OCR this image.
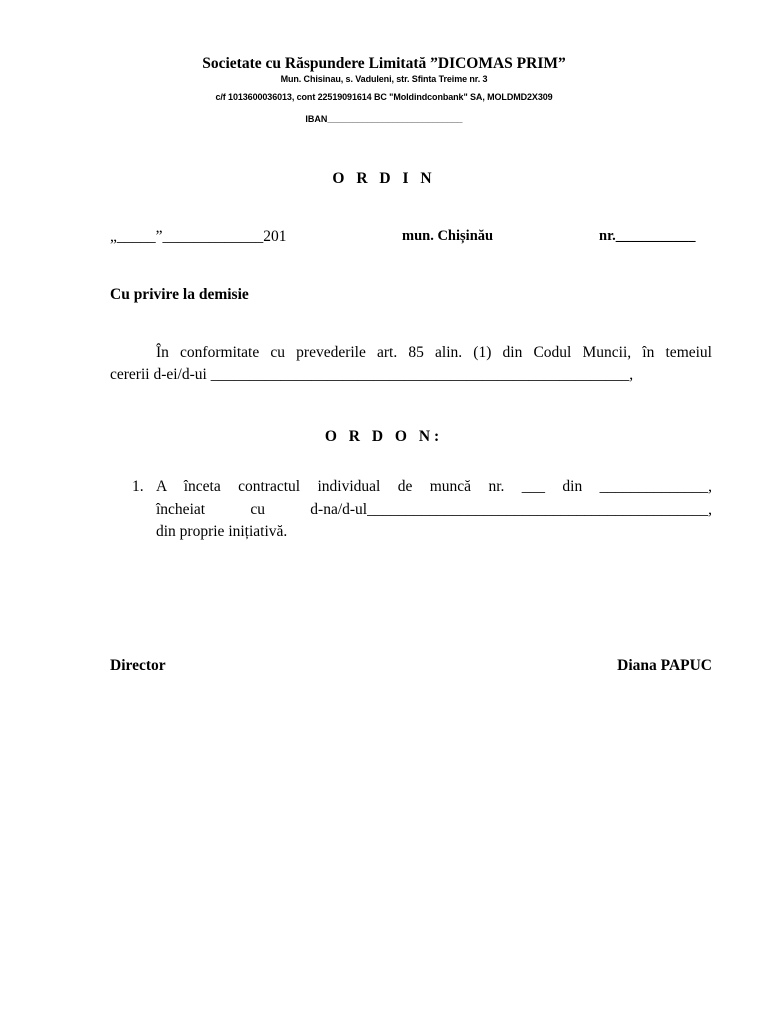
Societate cu Răspundere Limitată ”DICOMAS PRIM”

Mun. Chisinau, s. Vaduleni, str. Sfinta Treime nr. 3

c/f 1013600036013, cont 22519091614 BC "Moldindconbank" SA, MOLDMD2X309

IBAN___________________________

O R D I N

„_____”_____________201	mun. Chișinău	nr.___________

Cu privire la demisie

În conformitate cu prevederile art. 85 alin. (1) din Codul Muncii, în temeiul

cererii d-ei/d-ui ______________________________________________________,

O R D O N:
1. A înceta contractul individual de muncă nr. ___ din ______________,

încheiat cu d-na/d-ul____________________________________________,

din proprie inițiativă.

Director	Diana PAPUC
